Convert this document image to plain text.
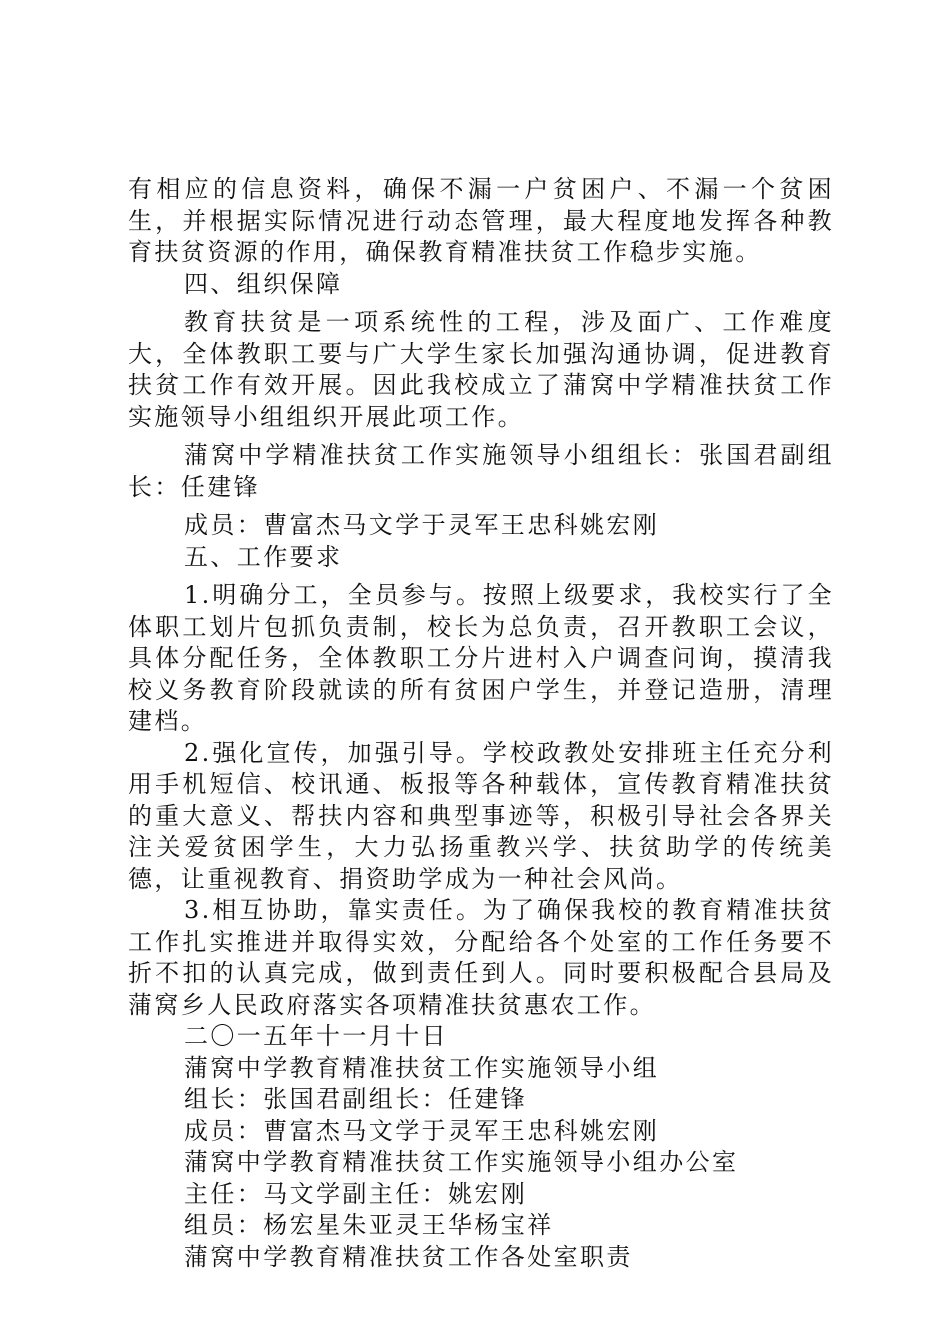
有相应的信息资料，确保不漏一户贫困户、不漏一个贫困生，并根据实际情况进行动态管理，最大程度地发挥各种教育扶贫资源的作用，确保教育精准扶贫工作稳步实施。

四、组织保障

教育扶贫是一项系统性的工程，涉及面广、工作难度大，全体教职工要与广大学生家长加强沟通协调，促进教育扶贫工作有效开展。因此我校成立了蒲窝中学精准扶贫工作实施领导小组组织开展此项工作。

蒲窝中学精准扶贫工作实施领导小组组长：张国君副组长：任建锋

成员：曹富杰马文学于灵军王忠科姚宏刚

五、工作要求

1.明确分工，全员参与。按照上级要求，我校实行了全体职工划片包抓负责制，校长为总负责，召开教职工会议，具体分配任务，全体教职工分片进村入户调查问询，摸清我校义务教育阶段就读的所有贫困户学生，并登记造册，清理建档。

2.强化宣传，加强引导。学校政教处安排班主任充分利用手机短信、校讯通、板报等各种载体，宣传教育精准扶贫的重大意义、帮扶内容和典型事迹等，积极引导社会各界关注关爱贫困学生，大力弘扬重教兴学、扶贫助学的传统美德，让重视教育、捐资助学成为一种社会风尚。

3.相互协助，靠实责任。为了确保我校的教育精准扶贫工作扎实推进并取得实效，分配给各个处室的工作任务要不折不扣的认真完成，做到责任到人。同时要积极配合县局及蒲窝乡人民政府落实各项精准扶贫惠农工作。

二〇一五年十一月十日

蒲窝中学教育精准扶贫工作实施领导小组

组长：张国君副组长：任建锋

成员：曹富杰马文学于灵军王忠科姚宏刚

蒲窝中学教育精准扶贫工作实施领导小组办公室

主任：马文学副主任：姚宏刚

组员：杨宏星朱亚灵王华杨宝祥

蒲窝中学教育精准扶贫工作各处室职责
